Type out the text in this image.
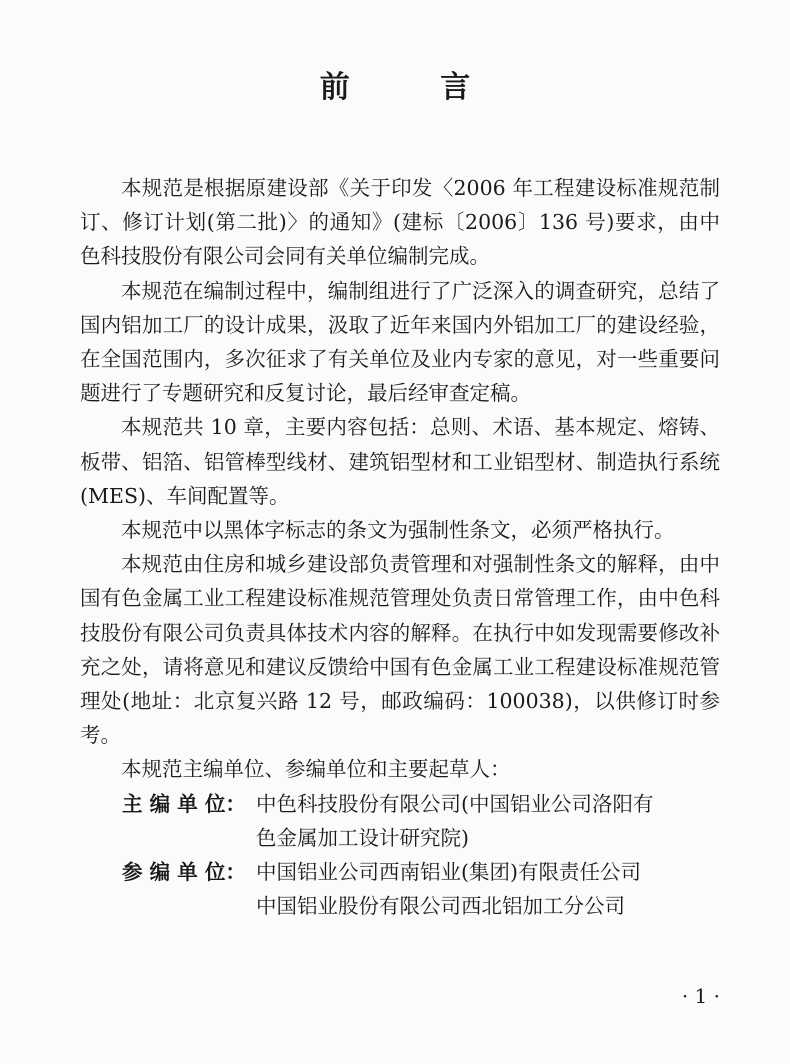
前 言

本规范是根据原建设部《关于印发〈2006 年工程建设标准规范制订、修订计划(第二批)〉的通知》(建标〔2006〕136 号)要求，由中色科技股份有限公司会同有关单位编制完成。

本规范在编制过程中，编制组进行了广泛深入的调查研究，总结了国内铝加工厂的设计成果，汲取了近年来国内外铝加工厂的建设经验，在全国范围内，多次征求了有关单位及业内专家的意见，对一些重要问题进行了专题研究和反复讨论，最后经审查定稿。

本规范共 10 章，主要内容包括：总则、术语、基本规定、熔铸、板带、铝箔、铝管棒型线材、建筑铝型材和工业铝型材、制造执行系统(MES)、车间配置等。

本规范中以黑体字标志的条文为强制性条文，必须严格执行。

本规范由住房和城乡建设部负责管理和对强制性条文的解释，由中国有色金属工业工程建设标准规范管理处负责日常管理工作，由中色科技股份有限公司负责具体技术内容的解释。在执行中如发现需要修改补充之处，请将意见和建议反馈给中国有色金属工业工程建设标准规范管理处(地址：北京复兴路 12 号，邮政编码：100038)，以供修订时参考。

本规范主编单位、参编单位和主要起草人：

主 编 单 位： 中色科技股份有限公司(中国铝业公司洛阳有
色金属加工设计研究院)
参 编 单 位： 中国铝业公司西南铝业(集团)有限责任公司
中国铝业股份有限公司西北铝加工分公司
· 1 ·
